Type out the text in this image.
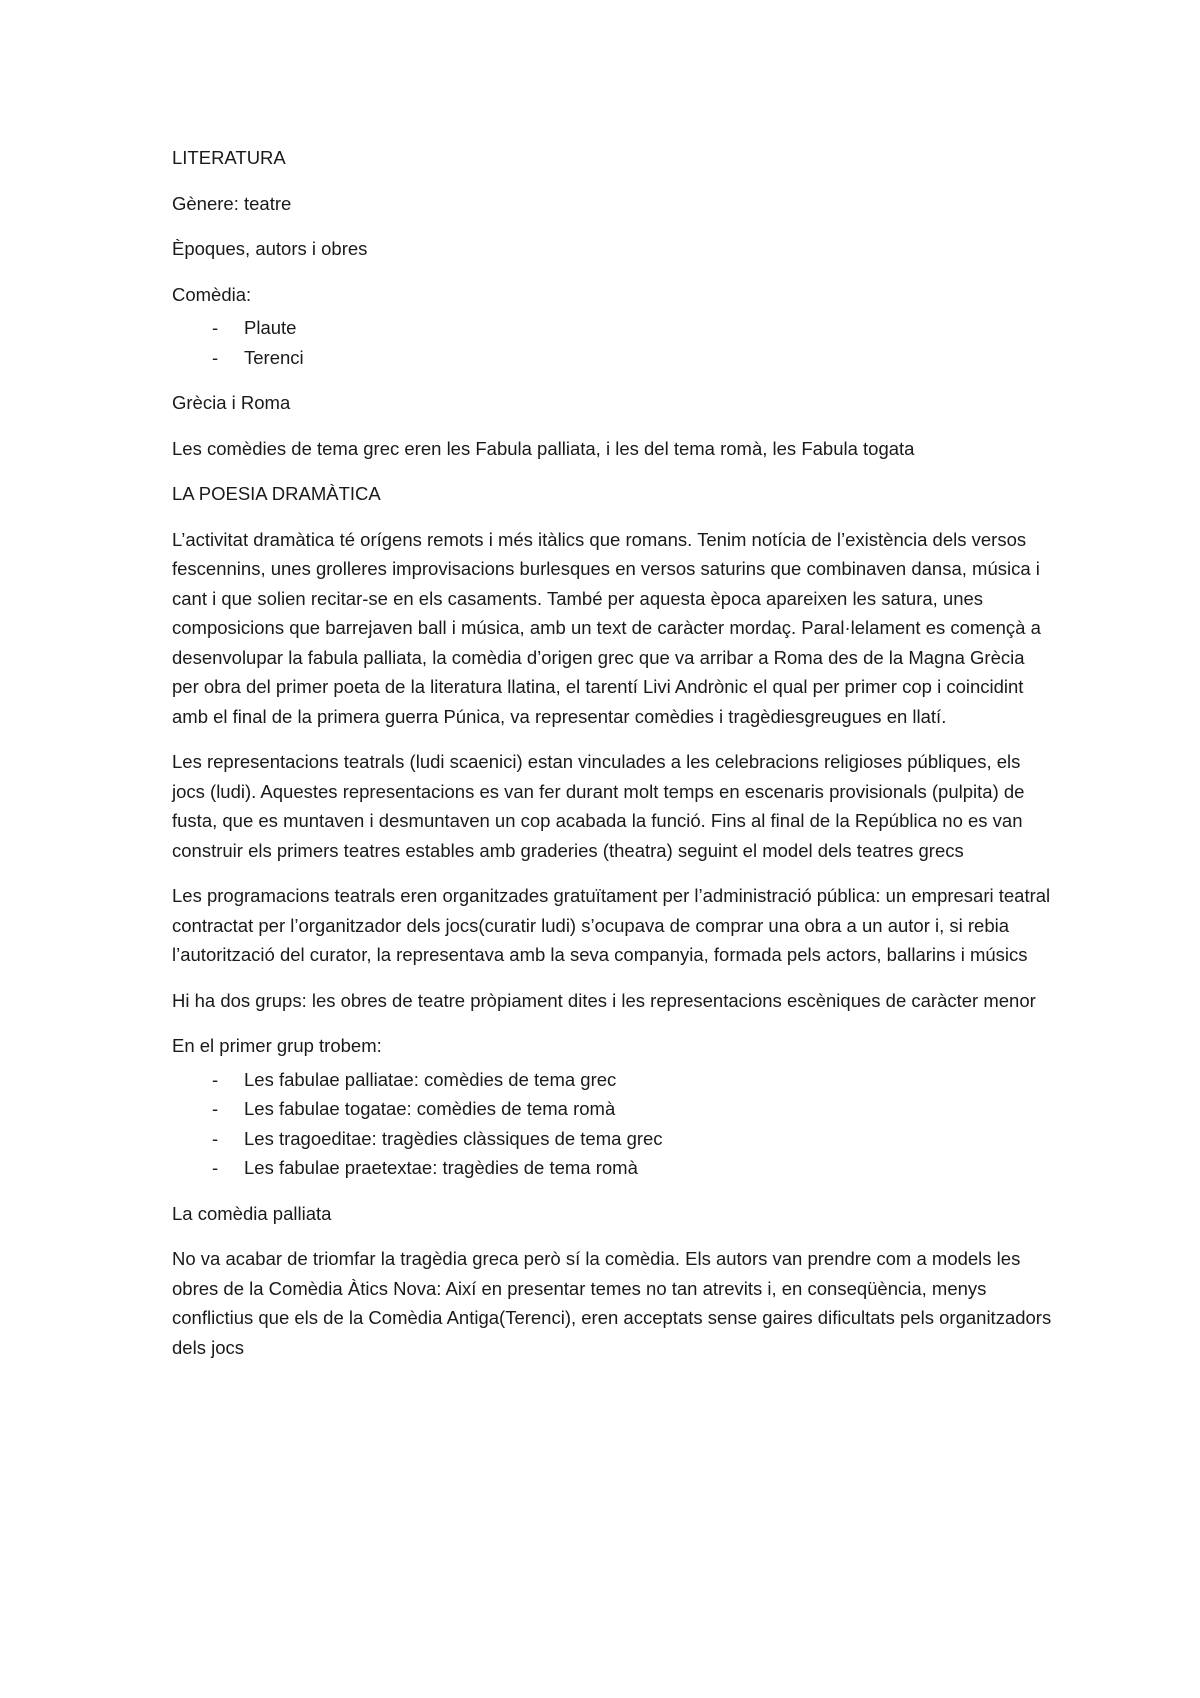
LITERATURA

Gènere: teatre

Èpoques, autors i obres

Comèdia:

- Plaute
- Terenci

Grècia i Roma

Les comèdies de tema grec eren les Fabula palliata, i les del tema romà, les Fabula togata

LA POESIA DRAMÀTICA

L’activitat dramàtica té orígens remots i més itàlics que romans. Tenim notícia de l’existència dels versos fescennins, unes grolleres improvisacions burlesques en versos saturins que combinaven dansa, música i cant i que solien recitar-se en els casaments. També per aquesta època apareixen les satura, unes composicions que barrejaven ball i música, amb un text de caràcter mordaç. Paral·lelament es començà a desenvolupar la fabula palliata, la comèdia d’origen grec que va arribar a Roma des de la Magna Grècia per obra del primer poeta de la literatura llatina, el tarentí Livi Andrònic el qual per primer cop i coincidint amb el final de la primera guerra Púnica, va representar comèdies i tragèdiesgreugues en llatí.

Les representacions teatrals (ludi scaenici) estan vinculades a les celebracions religioses públiques, els jocs (ludi). Aquestes representacions es van fer durant molt temps en escenaris provisionals (pulpita) de fusta, que es muntaven i desmuntaven un cop acabada la funció. Fins al final de la República no es van construir els primers teatres estables amb graderies (theatra) seguint el model dels teatres grecs

Les programacions teatrals eren organitzades gratuïtament per l’administració pública: un empresari teatral contractat per l’organitzador dels jocs(curatir ludi) s’ocupava de comprar una obra a un autor i, si rebia l’autorització del curator, la representava amb la seva companyia, formada pels actors, ballarins i músics

Hi ha dos grups: les obres de teatre pròpiament dites i les representacions escèniques de caràcter menor

En el primer grup trobem:

- Les fabulae palliatae: comèdies de tema grec
- Les fabulae togatae: comèdies de tema romà
- Les tragoeditae: tragèdies clàssiques de tema grec
- Les fabulae praetextae: tragèdies de tema romà

La comèdia palliata

No va acabar de triomfar la tragèdia greca però sí la comèdia. Els autors van prendre com a models les obres de la Comèdia Àtics Nova: Així en presentar temes no tan atrevits i, en conseqüència, menys conflictius que els de la Comèdia Antiga(Terenci), eren acceptats sense gaires dificultats pels organitzadors dels jocs
